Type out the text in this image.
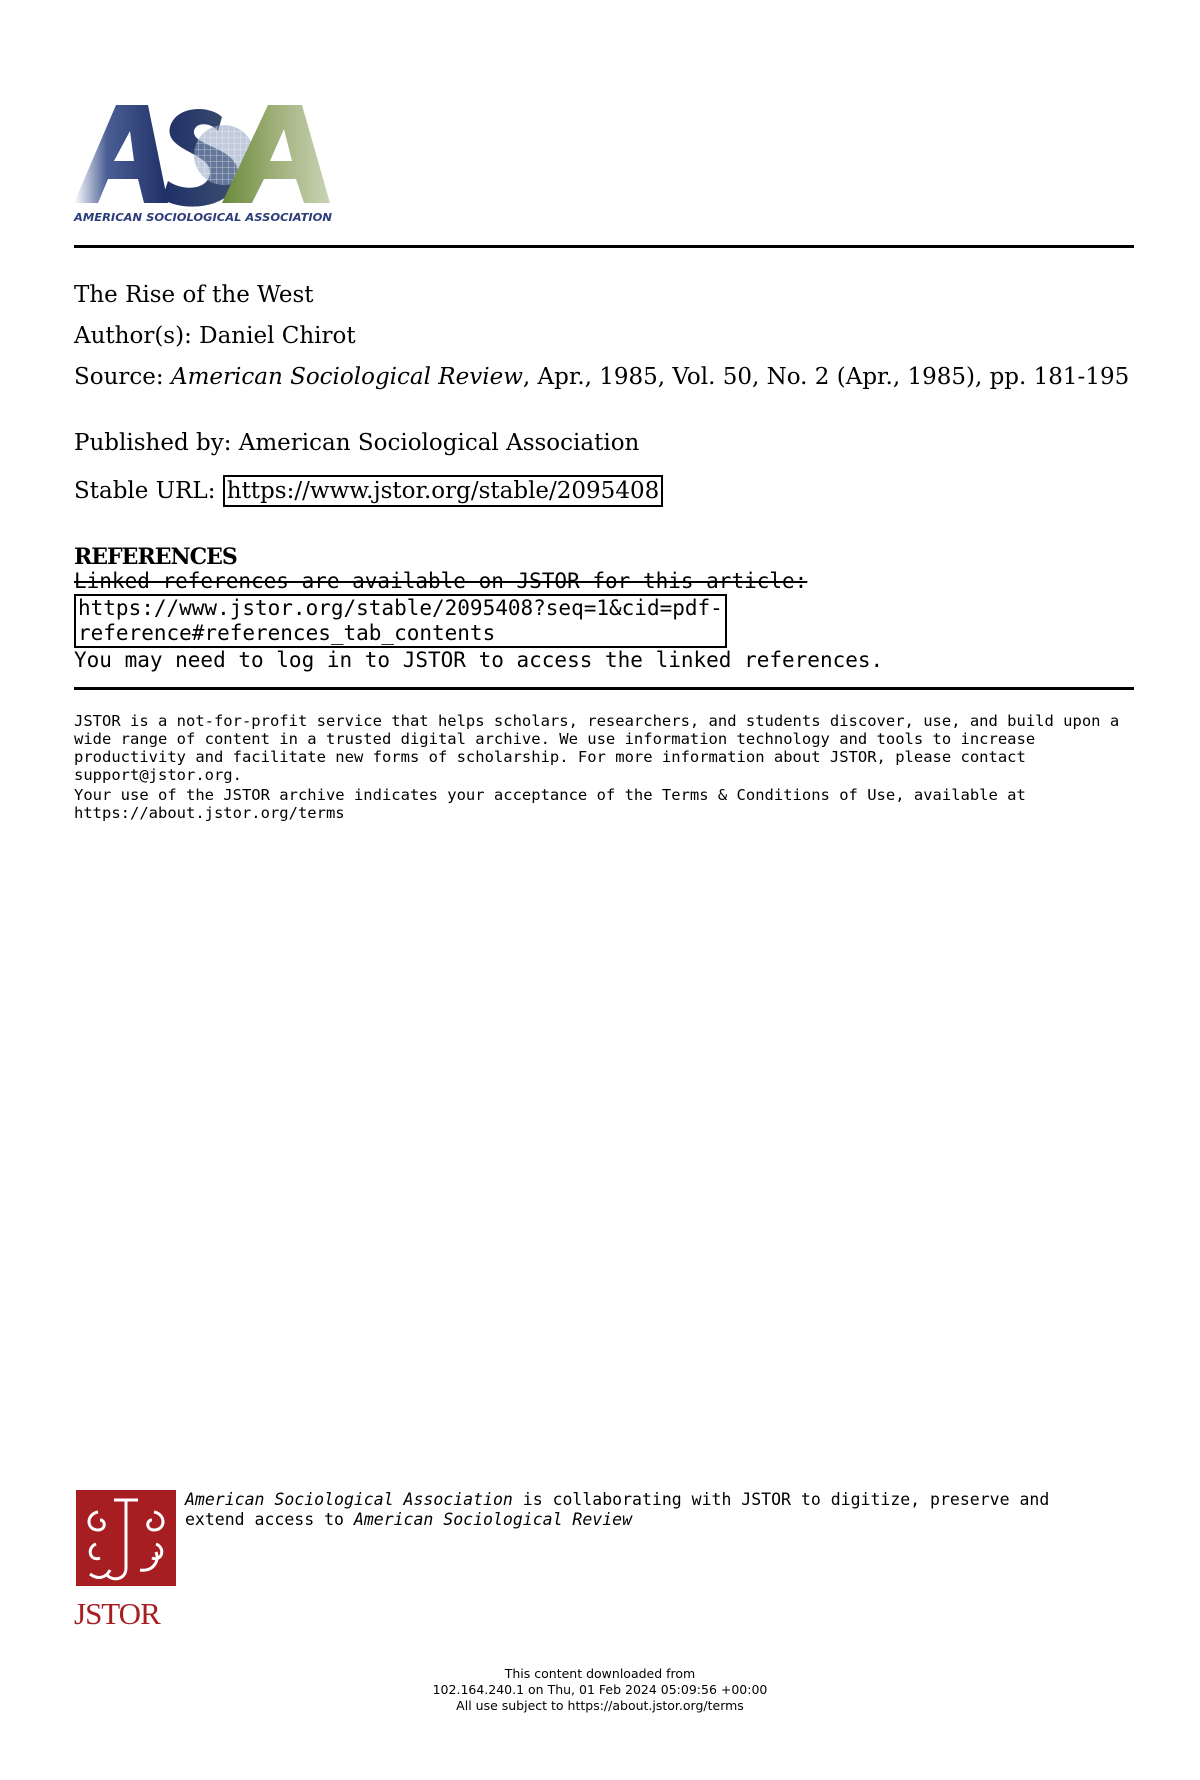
AMERICAN SOCIOLOGICAL ASSOCIATION
The Rise of the West
Author(s): Daniel Chirot
Source: American Sociological Review, Apr., 1985, Vol. 50, No. 2 (Apr., 1985), pp. 181-195
Published by: American Sociological Association
Stable URL: https://www.jstor.org/stable/2095408
REFERENCES
Linked references are available on JSTOR for this article:
https://www.jstor.org/stable/2095408?seq=1&cid=pdf-
reference#references_tab_contents
You may need to log in to JSTOR to access the linked references.
JSTOR is a not-for-profit service that helps scholars, researchers, and students discover, use, and build upon a wide range of content in a trusted digital archive. We use information technology and tools to increase productivity and facilitate new forms of scholarship. For more information about JSTOR, please contact support@jstor.org.
Your use of the JSTOR archive indicates your acceptance of the Terms & Conditions of Use, available at https://about.jstor.org/terms
JSTOR
American Sociological Association is collaborating with JSTOR to digitize, preserve and extend access to American Sociological Review
This content downloaded from
102.164.240.1 on Thu, 01 Feb 2024 05:09:56 +00:00
All use subject to https://about.jstor.org/terms
